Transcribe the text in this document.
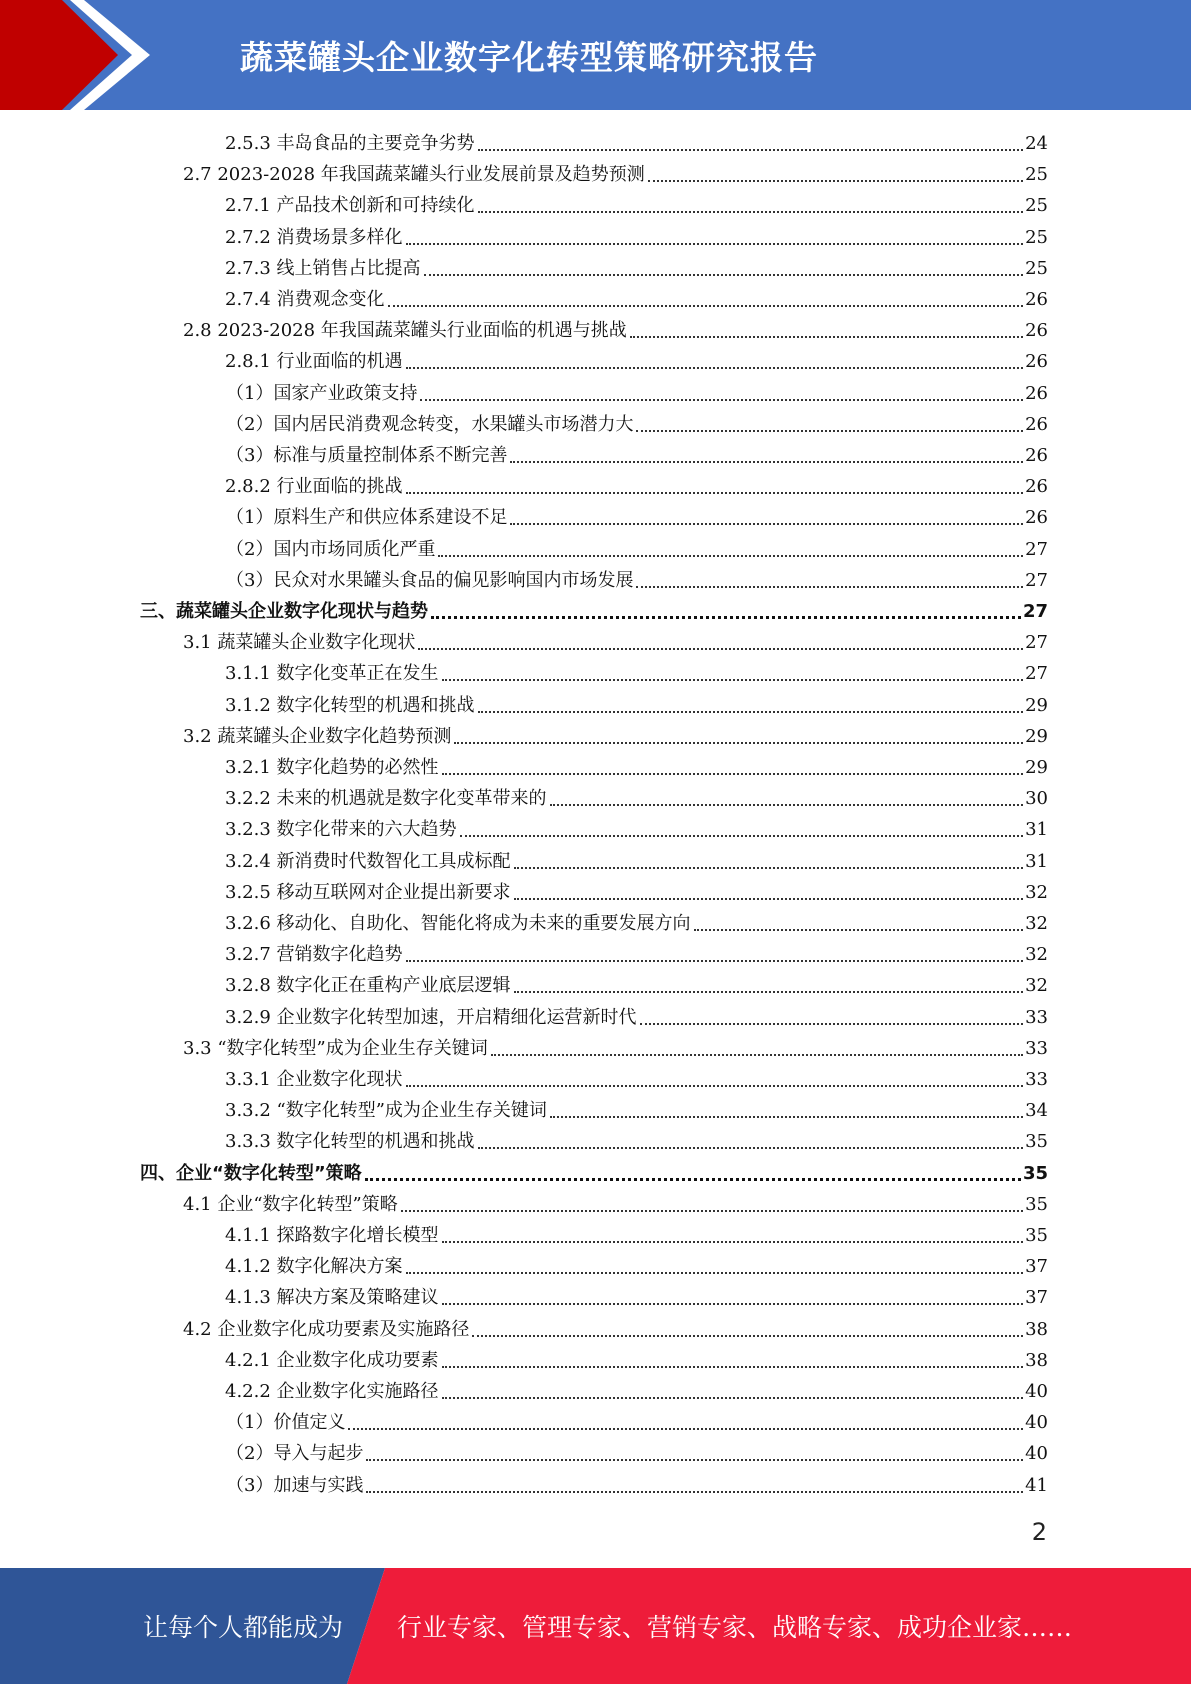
蔬菜罐头企业数字化转型策略研究报告
2.5.3 丰岛食品的主要竞争劣势	24
2.7 2023-2028 年我国蔬菜罐头行业发展前景及趋势预测	25
2.7.1 产品技术创新和可持续化	25
2.7.2 消费场景多样化	25
2.7.3 线上销售占比提高	25
2.7.4 消费观念变化	26
2.8 2023-2028 年我国蔬菜罐头行业面临的机遇与挑战	26
2.8.1 行业面临的机遇	26
（1）国家产业政策支持	26
（2）国内居民消费观念转变，水果罐头市场潜力大	26
（3）标准与质量控制体系不断完善	26
2.8.2 行业面临的挑战	26
（1）原料生产和供应体系建设不足	26
（2）国内市场同质化严重	27
（3）民众对水果罐头食品的偏见影响国内市场发展	27
三、蔬菜罐头企业数字化现状与趋势	27
3.1 蔬菜罐头企业数字化现状	27
3.1.1 数字化变革正在发生	27
3.1.2 数字化转型的机遇和挑战	29
3.2 蔬菜罐头企业数字化趋势预测	29
3.2.1 数字化趋势的必然性	29
3.2.2 未来的机遇就是数字化变革带来的	30
3.2.3 数字化带来的六大趋势	31
3.2.4 新消费时代数智化工具成标配	31
3.2.5 移动互联网对企业提出新要求	32
3.2.6 移动化、自助化、智能化将成为未来的重要发展方向	32
3.2.7 营销数字化趋势	32
3.2.8 数字化正在重构产业底层逻辑	32
3.2.9 企业数字化转型加速，开启精细化运营新时代	33
3.3 “数字化转型”成为企业生存关键词	33
3.3.1 企业数字化现状	33
3.3.2 “数字化转型”成为企业生存关键词	34
3.3.3 数字化转型的机遇和挑战	35
四、企业“数字化转型”策略	35
4.1 企业“数字化转型”策略	35
4.1.1 探路数字化增长模型	35
4.1.2 数字化解决方案	37
4.1.3 解决方案及策略建议	37
4.2 企业数字化成功要素及实施路径	38
4.2.1 企业数字化成功要素	38
4.2.2 企业数字化实施路径	40
（1）价值定义	40
（2）导入与起步	40
（3）加速与实践	41
2
让每个人都能成为 行业专家、管理专家、营销专家、战略专家、成功企业家……
